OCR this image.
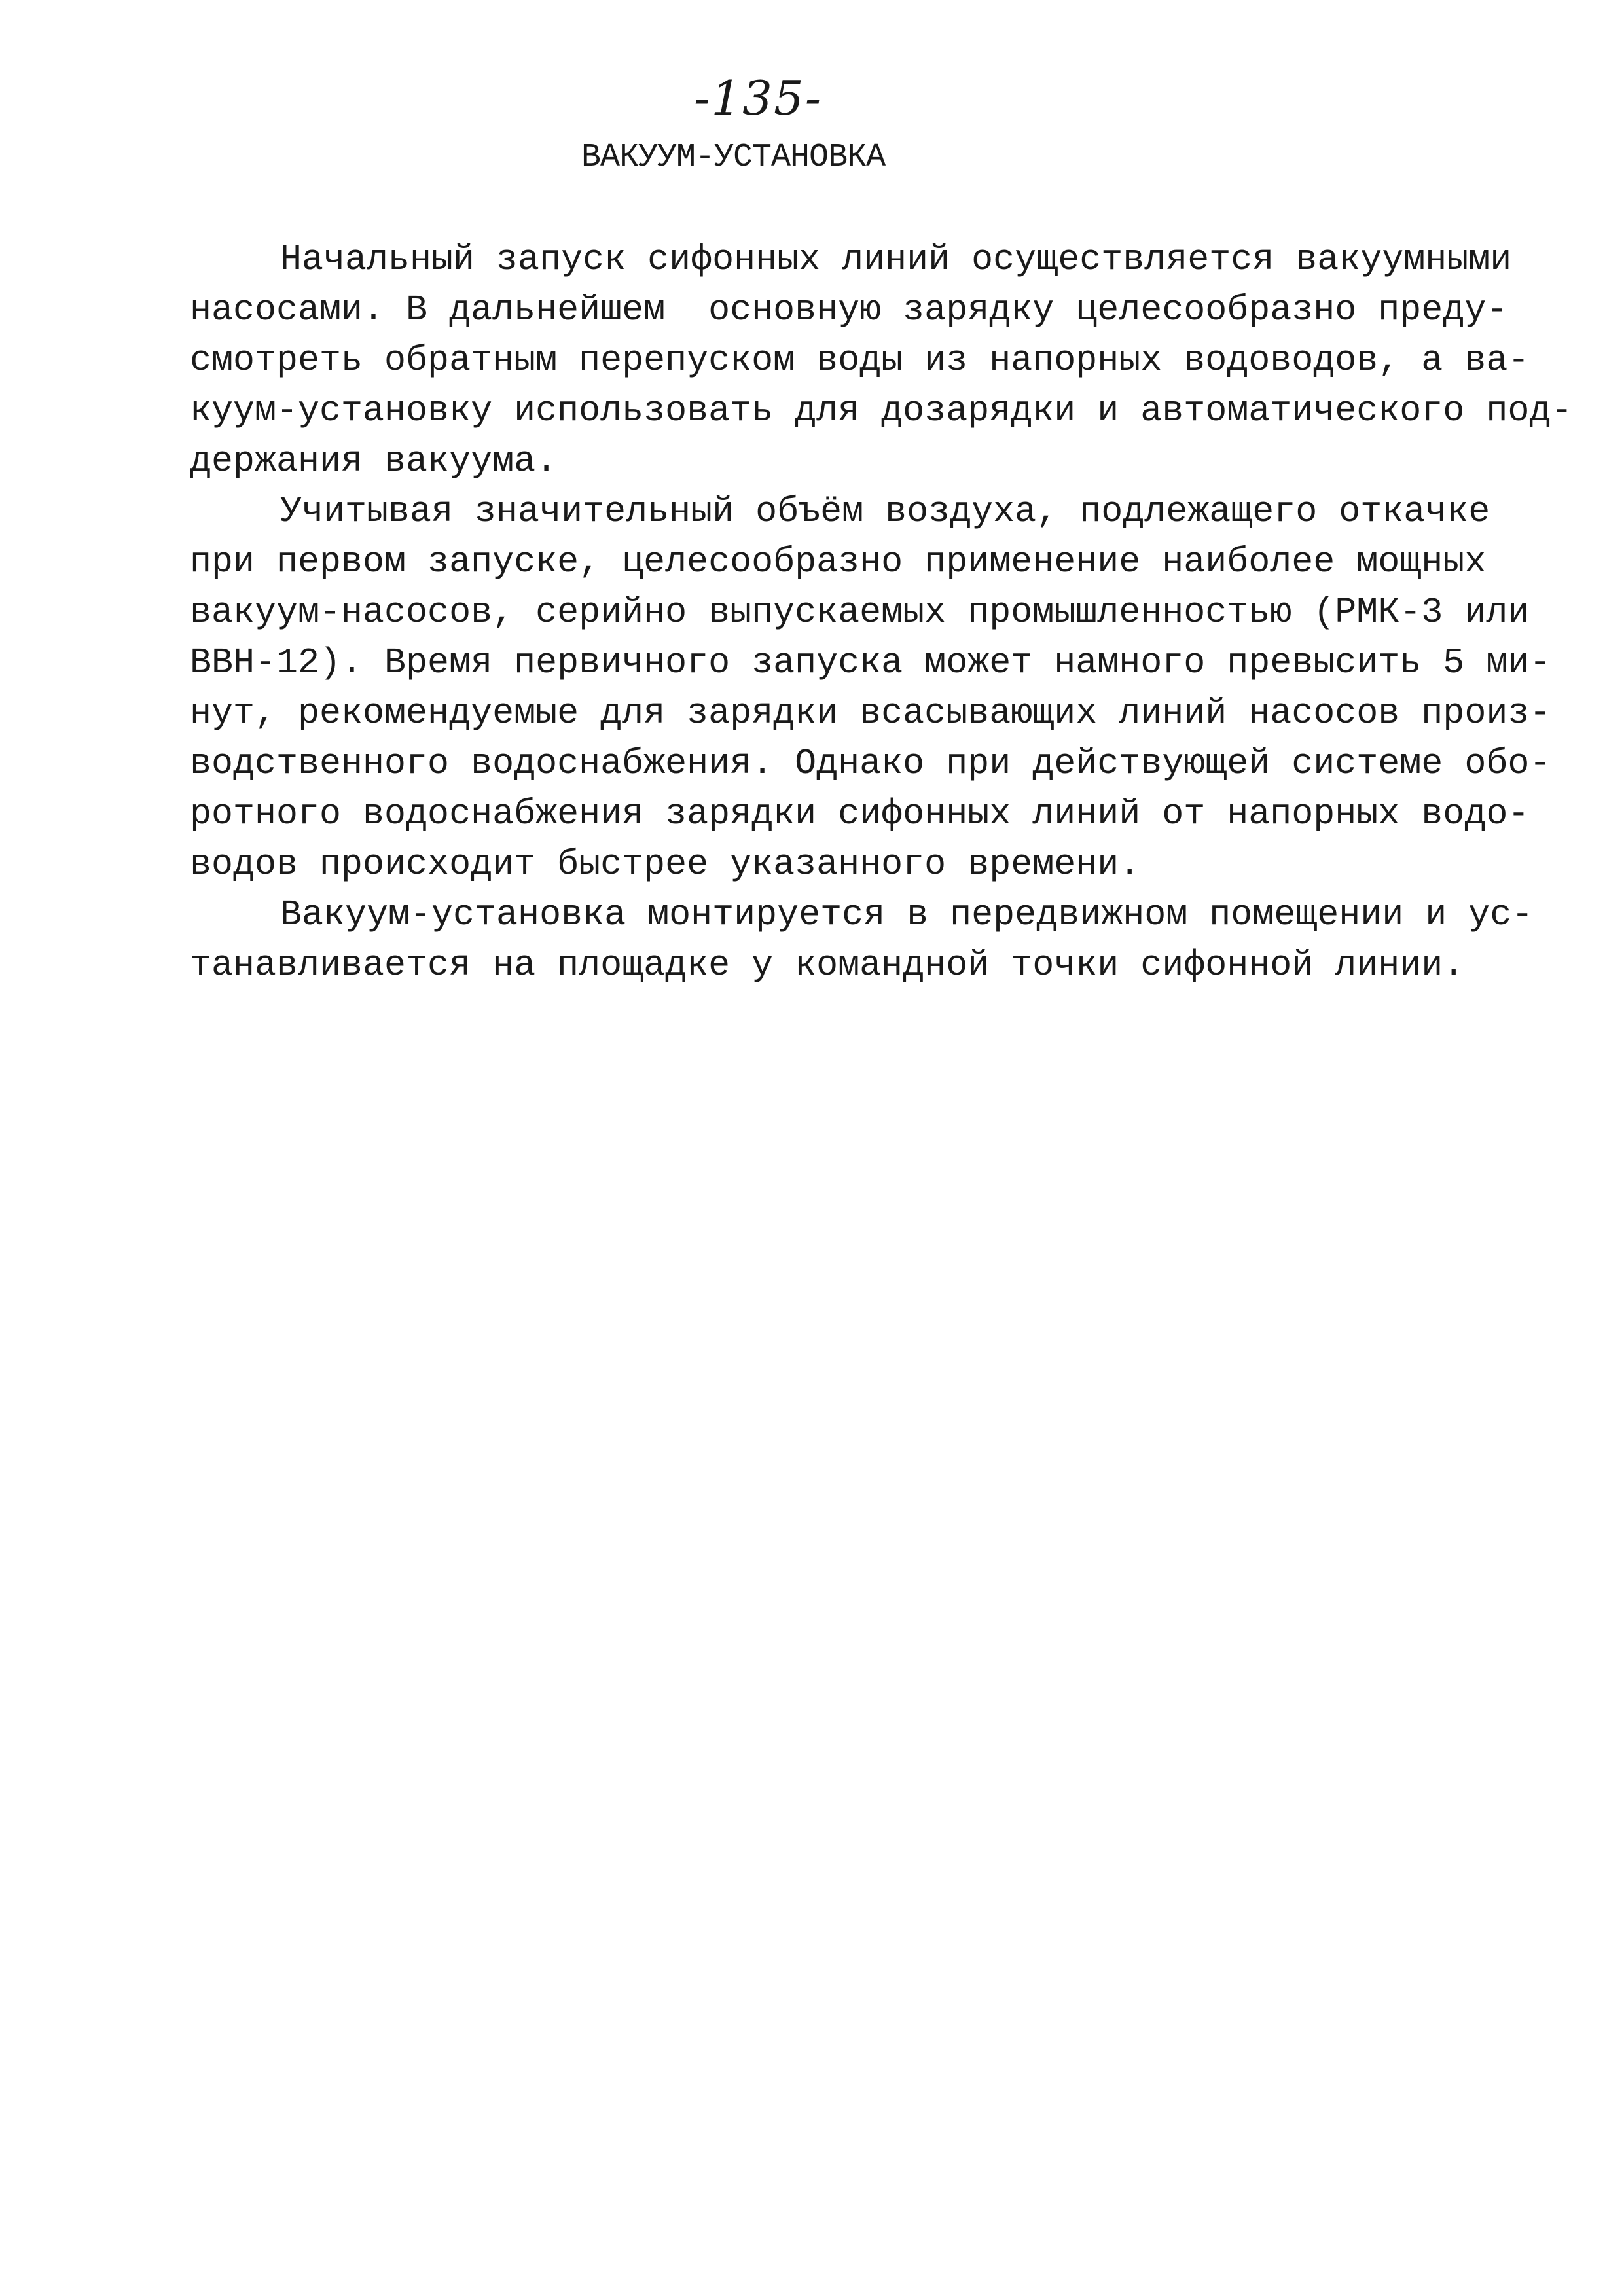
-135-
ВАКУУМ-УСТАНОВКА
Начальный запуск сифонных линий осуществляется вакуумными
насосами. В дальнейшем  основную зарядку целесообразно преду-
смотреть обратным перепуском воды из напорных водоводов, а ва-
куум-установку использовать для дозарядки и автоматического под-
держания вакуума.
Учитывая значительный объём воздуха, подлежащего откачке
при первом запуске, целесообразно применение наиболее мощных
вакуум-насосов, серийно выпускаемых промышленностью (РМК-3 или
ВВН-12). Время первичного запуска может намного превысить 5 ми-
нут, рекомендуемые для зарядки всасывающих линий насосов произ-
водственного водоснабжения. Однако при действующей системе обо-
ротного водоснабжения зарядки сифонных линий от напорных водо-
водов происходит быстрее указанного времени.
Вакуум-установка монтируется в передвижном помещении и ус-
танавливается на площадке у командной точки сифонной линии.
